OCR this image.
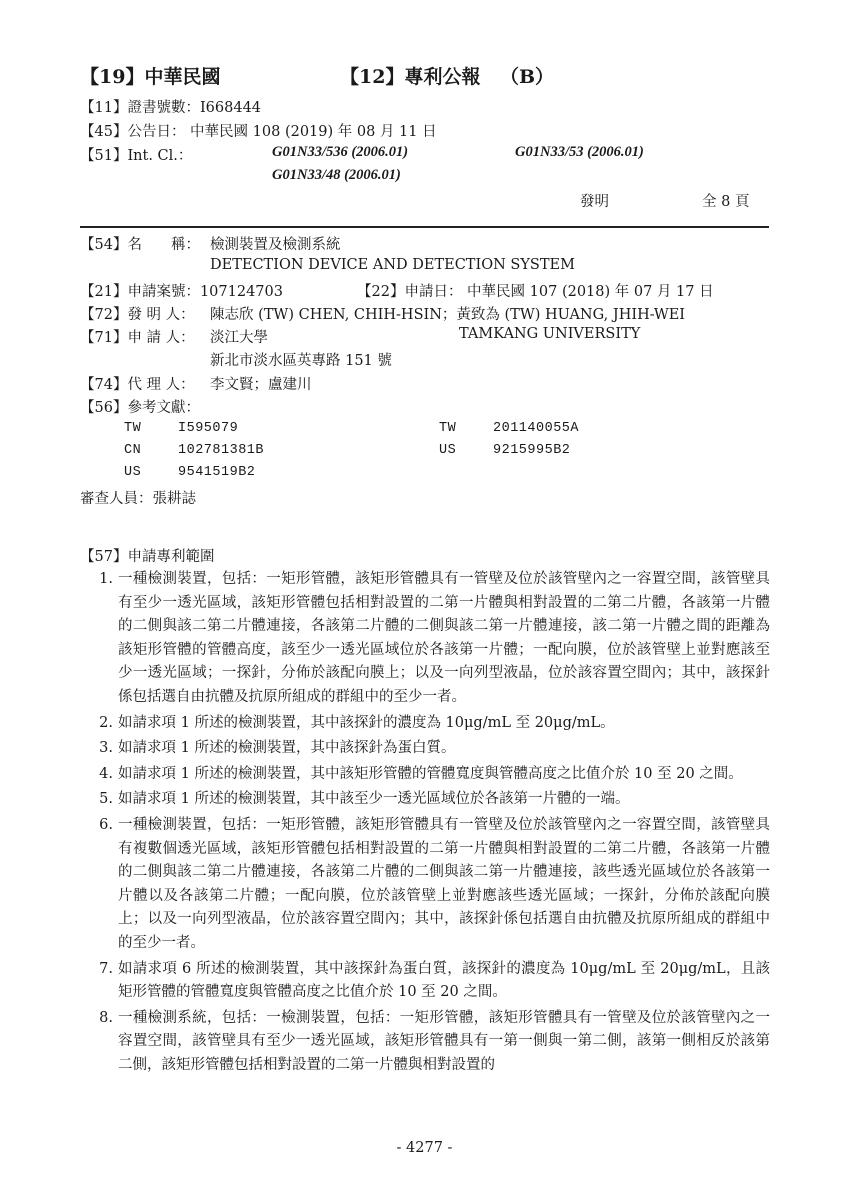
【19】中華民國	【12】專利公報 （B）
【11】證書號數：I668444
【45】公告日： 中華民國 108 (2019) 年 08 月 11 日
【51】Int. Cl.：	G01N33/536 (2006.01)	G01N33/53 (2006.01)
G01N33/48 (2006.01)
發明	全 8 頁
【54】名　　稱： 檢測裝置及檢測系統
DETECTION DEVICE AND DETECTION SYSTEM
【21】申請案號：107124703	【22】申請日： 中華民國 107 (2018) 年 07 月 17 日
【72】發 明 人： 陳志欣 (TW) CHEN, CHIH-HSIN；黃致為 (TW) HUANG, JHIH-WEI
【71】申 請 人： 淡江大學	TAMKANG UNIVERSITY
新北市淡水區英專路 151 號
【74】代 理 人： 李文賢；盧建川
【56】參考文獻：
TW	I595079	TW	201140055A
CN	102781381B	US	9215995B2
US	9541519B2
審查人員：張耕誌
【57】申請專利範圍
1. 一種檢測裝置，包括：一矩形管體，該矩形管體具有一管壁及位於該管壁內之一容置空間，該管壁具有至少一透光區域，該矩形管體包括相對設置的二第一片體與相對設置的二第二片體，各該第一片體的二側與該二第二片體連接，各該第二片體的二側與該二第一片體連接，該二第一片體之間的距離為該矩形管體的管體高度，該至少一透光區域位於各該第一片體；一配向膜，位於該管壁上並對應該至少一透光區域；一探針，分佈於該配向膜上；以及一向列型液晶，位於該容置空間內；其中，該探針係包括選自由抗體及抗原所組成的群組中的至少一者。
2. 如請求項 1 所述的檢測裝置，其中該探針的濃度為 10μg/mL 至 20μg/mL。
3. 如請求項 1 所述的檢測裝置，其中該探針為蛋白質。
4. 如請求項 1 所述的檢測裝置，其中該矩形管體的管體寬度與管體高度之比值介於 10 至 20 之間。
5. 如請求項 1 所述的檢測裝置，其中該至少一透光區域位於各該第一片體的一端。
6. 一種檢測裝置，包括：一矩形管體，該矩形管體具有一管壁及位於該管壁內之一容置空間，該管壁具有複數個透光區域，該矩形管體包括相對設置的二第一片體與相對設置的二第二片體，各該第一片體的二側與該二第二片體連接，各該第二片體的二側與該二第一片體連接，該些透光區域位於各該第一片體以及各該第二片體；一配向膜，位於該管壁上並對應該些透光區域；一探針，分佈於該配向膜上；以及一向列型液晶，位於該容置空間內；其中，該探針係包括選自由抗體及抗原所組成的群組中的至少一者。
7. 如請求項 6 所述的檢測裝置，其中該探針為蛋白質，該探針的濃度為 10μg/mL 至 20μg/mL，且該矩形管體的管體寬度與管體高度之比值介於 10 至 20 之間。
8. 一種檢測系統，包括：一檢測裝置，包括：一矩形管體，該矩形管體具有一管壁及位於該管壁內之一容置空間，該管壁具有至少一透光區域，該矩形管體具有一第一側與一第二側，該第一側相反於該第二側，該矩形管體包括相對設置的二第一片體與相對設置的
- 4277 -
